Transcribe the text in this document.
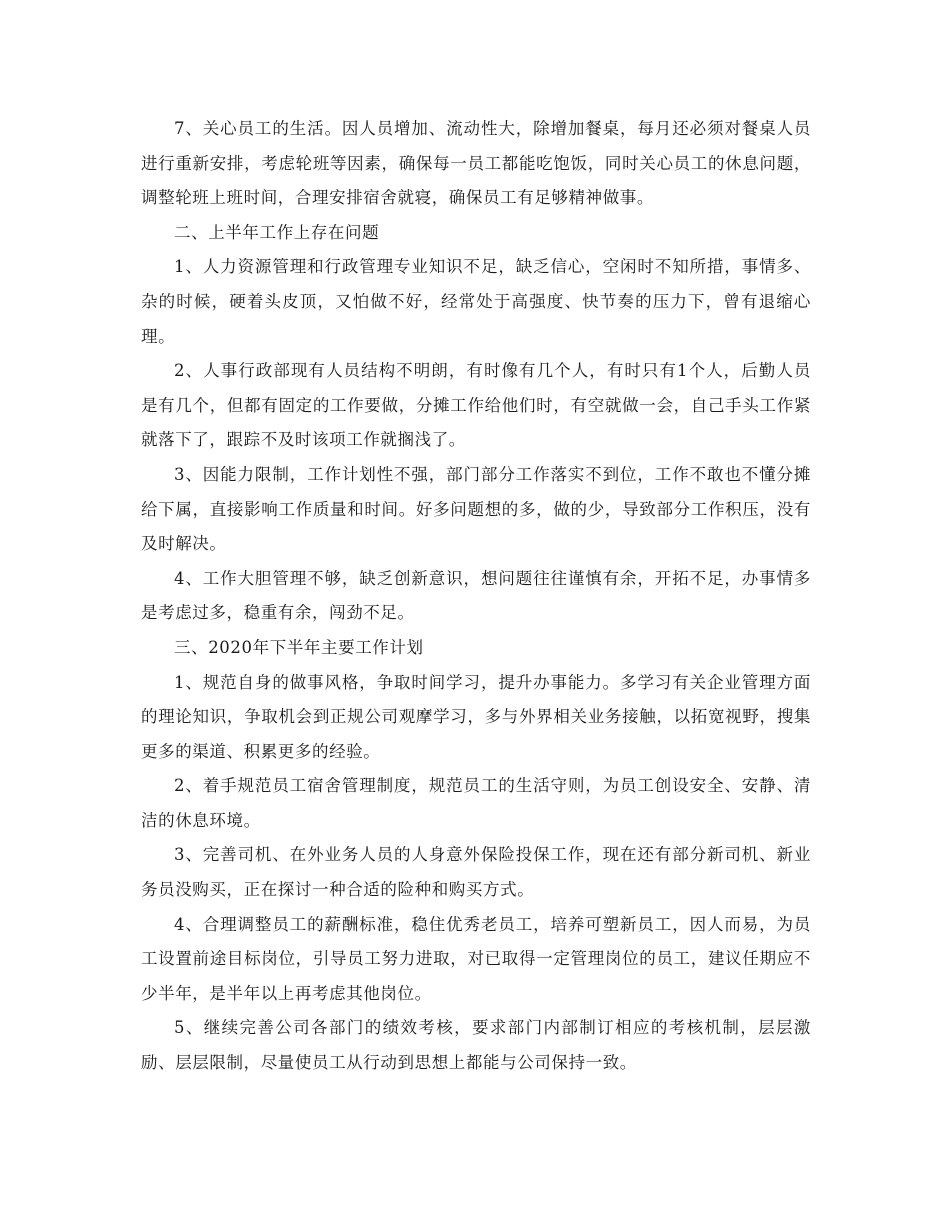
7、关心员工的生活。因人员增加、流动性大，除增加餐桌，每月还必须对餐桌人员进行重新安排，考虑轮班等因素，确保每一员工都能吃饱饭，同时关心员工的休息问题，调整轮班上班时间，合理安排宿舍就寝，确保员工有足够精神做事。

二、上半年工作上存在问题

1、人力资源管理和行政管理专业知识不足，缺乏信心，空闲时不知所措，事情多、杂的时候，硬着头皮顶，又怕做不好，经常处于高强度、快节奏的压力下，曾有退缩心理。

2、人事行政部现有人员结构不明朗，有时像有几个人，有时只有1个人，后勤人员是有几个，但都有固定的工作要做，分摊工作给他们时，有空就做一会，自己手头工作紧就落下了，跟踪不及时该项工作就搁浅了。

3、因能力限制，工作计划性不强，部门部分工作落实不到位，工作不敢也不懂分摊给下属，直接影响工作质量和时间。好多问题想的多，做的少，导致部分工作积压，没有及时解决。

4、工作大胆管理不够，缺乏创新意识，想问题往往谨慎有余，开拓不足，办事情多是考虑过多，稳重有余，闯劲不足。

三、2020年下半年主要工作计划

1、规范自身的做事风格，争取时间学习，提升办事能力。多学习有关企业管理方面的理论知识，争取机会到正规公司观摩学习，多与外界相关业务接触，以拓宽视野，搜集更多的渠道、积累更多的经验。

2、着手规范员工宿舍管理制度，规范员工的生活守则，为员工创设安全、安静、清洁的休息环境。

3、完善司机、在外业务人员的人身意外保险投保工作，现在还有部分新司机、新业务员没购买，正在探讨一种合适的险种和购买方式。

4、合理调整员工的薪酬标准，稳住优秀老员工，培养可塑新员工，因人而易，为员工设置前途目标岗位，引导员工努力进取，对已取得一定管理岗位的员工，建议任期应不少半年，是半年以上再考虑其他岗位。

5、继续完善公司各部门的绩效考核，要求部门内部制订相应的考核机制，层层激励、层层限制，尽量使员工从行动到思想上都能与公司保持一致。
